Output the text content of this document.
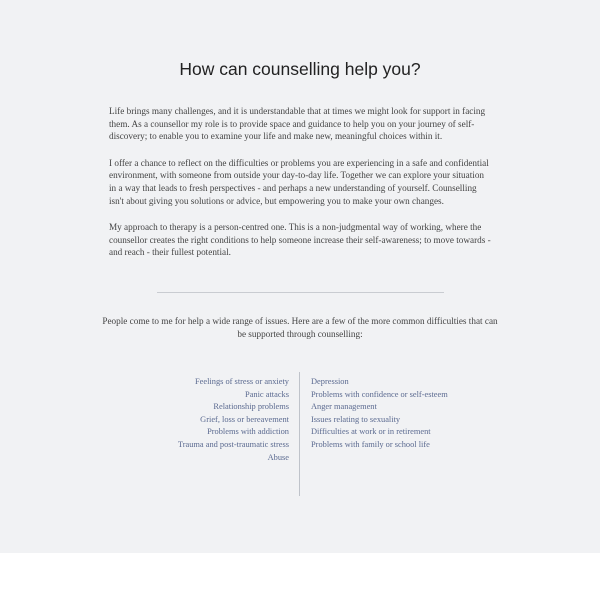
How can counselling help you?

Life brings many challenges, and it is understandable that at times we might look for support in facing them. As a counsellor my role is to provide space and guidance to help you on your journey of self-discovery; to enable you to examine your life and make new, meaningful choices within it.

I offer a chance to reflect on the difficulties or problems you are experiencing in a safe and confidential environment, with someone from outside your day-to-day life. Together we can explore your situation in a way that leads to fresh perspectives - and perhaps a new understanding of yourself. Counselling isn't about giving you solutions or advice, but empowering you to make your own changes.

My approach to therapy is a person-centred one. This is a non-judgmental way of working, where the counsellor creates the right conditions to help someone increase their self-awareness; to move towards - and reach - their fullest potential.

People come to me for help a wide range of issues. Here are a few of the more common difficulties that can be supported through counselling:

Feelings of stress or anxiety
Panic attacks
Relationship problems
Grief, loss or bereavement
Problems with addiction
Trauma and post-traumatic stress
Abuse
Depression
Problems with confidence or self-esteem
Anger management
Issues relating to sexuality
Difficulties at work or in retirement
Problems with family or school life
